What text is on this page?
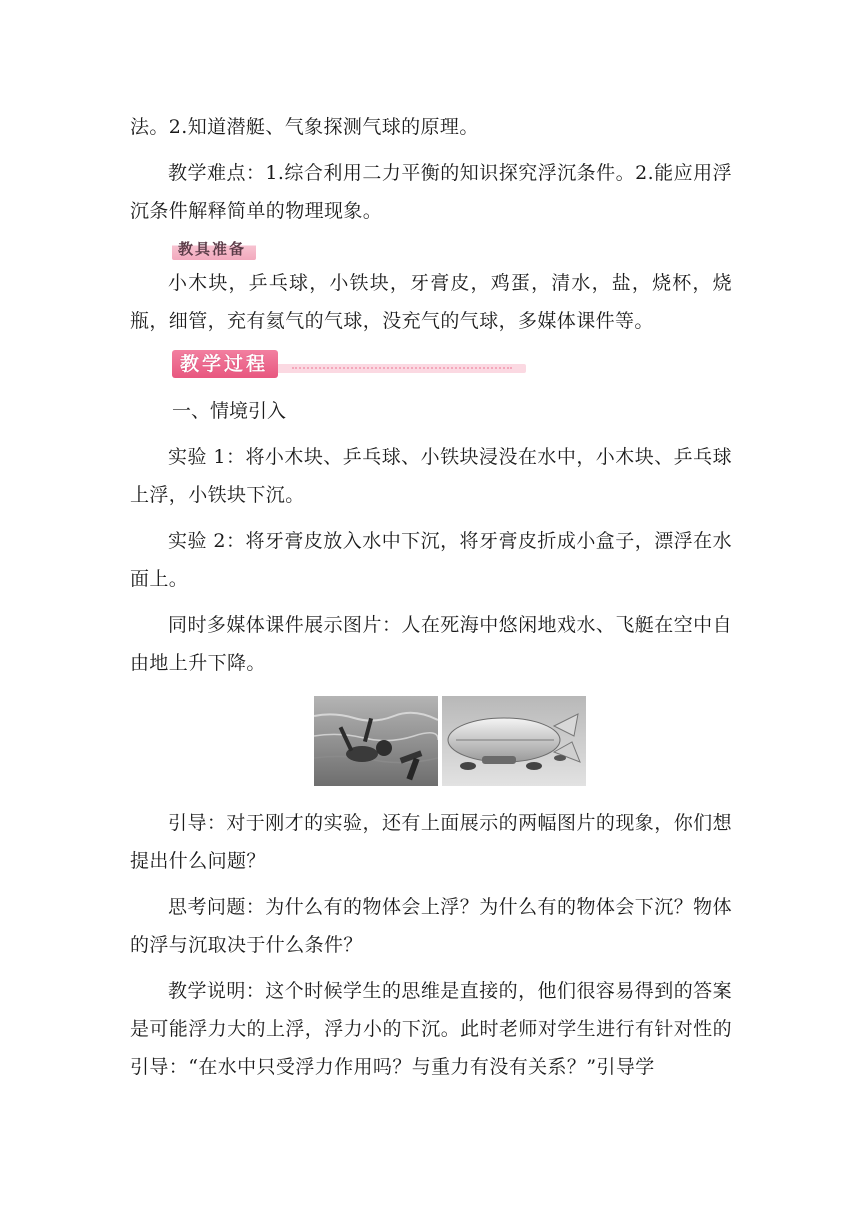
法。2.知道潜艇、气象探测气球的原理。

教学难点：1.综合利用二力平衡的知识探究浮沉条件。2.能应用浮沉条件解释简单的物理现象。

教具准备

小木块，乒乓球，小铁块，牙膏皮，鸡蛋，清水，盐，烧杯，烧瓶，细管，充有氦气的气球，没充气的气球，多媒体课件等。

教学过程
一、情境引入

实验 1：将小木块、乒乓球、小铁块浸没在水中，小木块、乒乓球上浮，小铁块下沉。

实验 2：将牙膏皮放入水中下沉，将牙膏皮折成小盒子，漂浮在水面上。

同时多媒体课件展示图片：人在死海中悠闲地戏水、飞艇在空中自由地上升下降。

引导：对于刚才的实验，还有上面展示的两幅图片的现象，你们想提出什么问题？

思考问题：为什么有的物体会上浮？为什么有的物体会下沉？物体的浮与沉取决于什么条件？

教学说明：这个时候学生的思维是直接的，他们很容易得到的答案是可能浮力大的上浮，浮力小的下沉。此时老师对学生进行有针对性的引导：“在水中只受浮力作用吗？与重力有没有关系？”引导学
